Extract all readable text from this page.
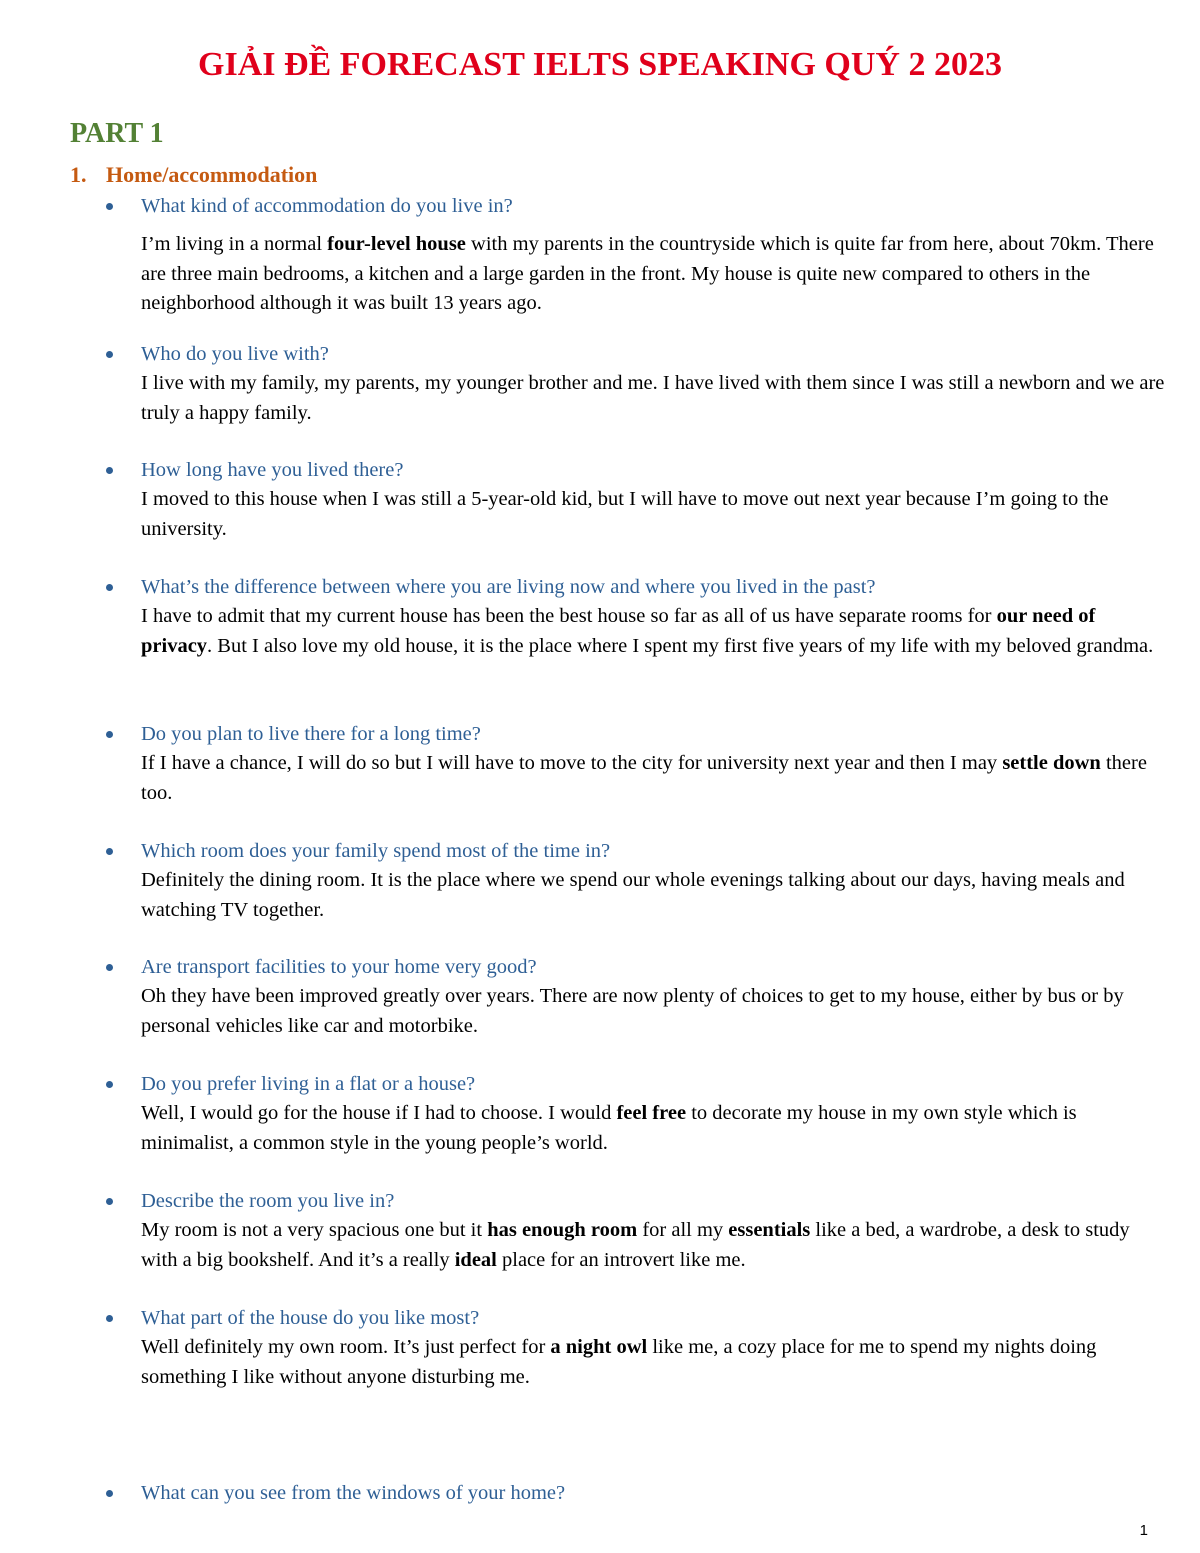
GIẢI ĐỀ FORECAST IELTS SPEAKING QUÝ 2 2023
PART 1
1. Home/accommodation
What kind of accommodation do you live in?
I’m living in a normal four-level house with my parents in the countryside which is quite far from here, about 70km. There are three main bedrooms, a kitchen and a large garden in the front. My house is quite new compared to others in the neighborhood although it was built 13 years ago.
Who do you live with?
I live with my family, my parents, my younger brother and me. I have lived with them since I was still a newborn and we are truly a happy family.
How long have you lived there?
I moved to this house when I was still a 5-year-old kid, but I will have to move out next year because I’m going to the university.
What’s the difference between where you are living now and where you lived in the past?
I have to admit that my current house has been the best house so far as all of us have separate rooms for our need of privacy. But I also love my old house, it is the place where I spent my first five years of my life with my beloved grandma.
Do you plan to live there for a long time?
If I have a chance, I will do so but I will have to move to the city for university next year and then I may settle down there too.
Which room does your family spend most of the time in?
Definitely the dining room. It is the place where we spend our whole evenings talking about our days, having meals and watching TV together.
Are transport facilities to your home very good?
Oh they have been improved greatly over years. There are now plenty of choices to get to my house, either by bus or by personal vehicles like car and motorbike.
Do you prefer living in a flat or a house?
Well, I would go for the house if I had to choose. I would feel free to decorate my house in my own style which is minimalist, a common style in the young people’s world.
Describe the room you live in?
My room is not a very spacious one but it has enough room for all my essentials like a bed, a wardrobe, a desk to study with a big bookshelf. And it’s a really ideal place for an introvert like me.
What part of the house do you like most?
Well definitely my own room. It’s just perfect for a night owl like me, a cozy place for me to spend my nights doing something I like without anyone disturbing me.
What can you see from the windows of your home?
1
